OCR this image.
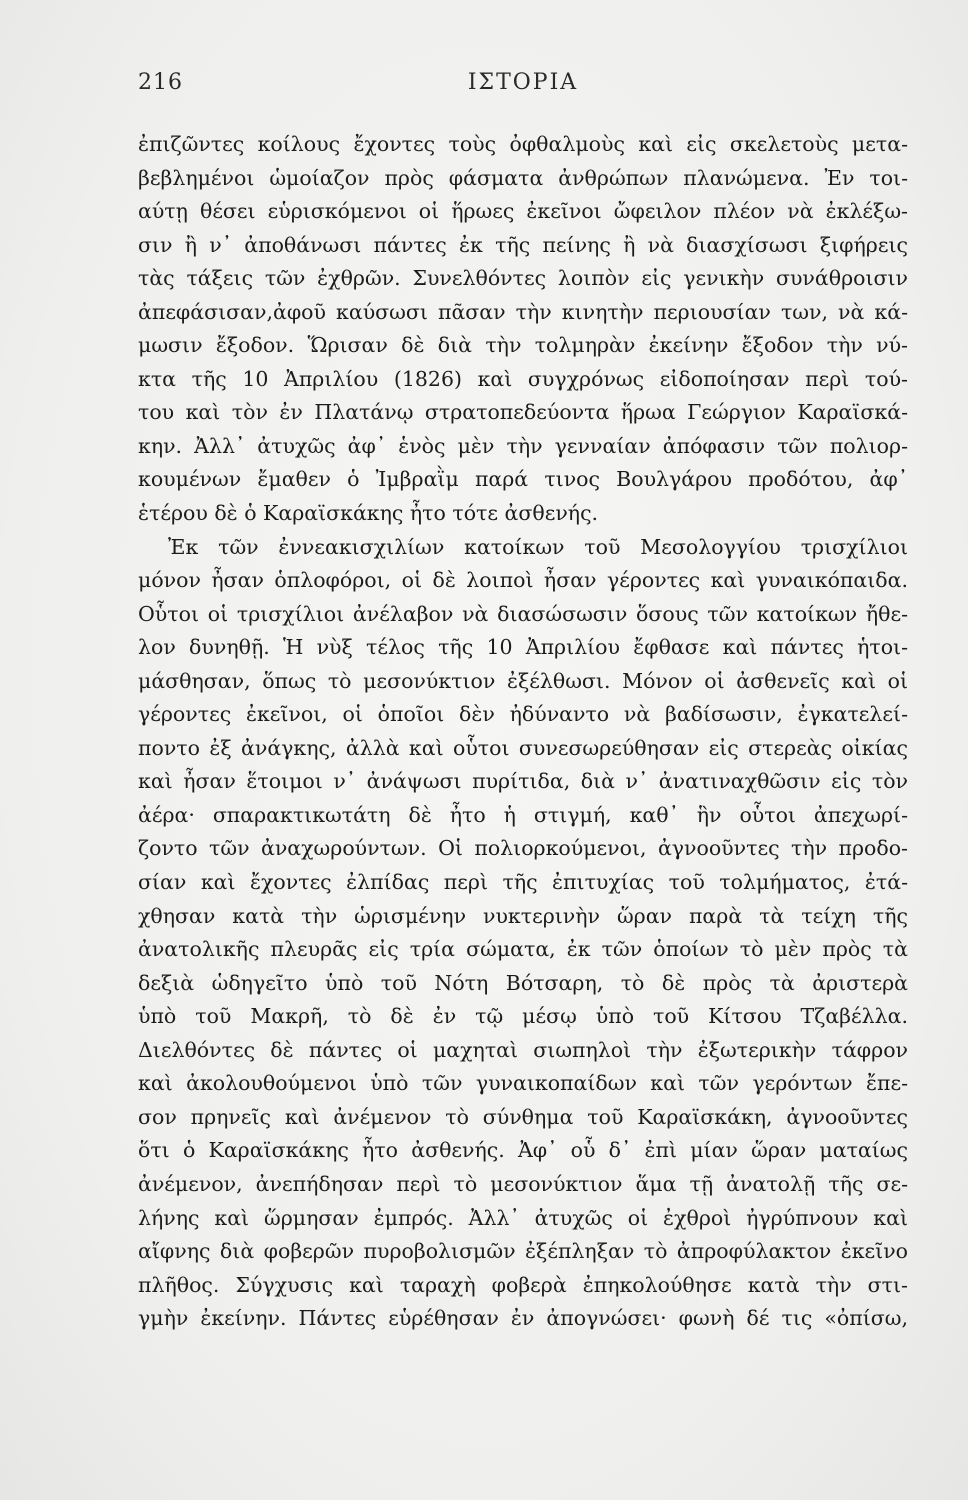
216	ΙΣΤΟΡΙΑ
ἐπιζῶντες κοίλους ἔχοντες τοὺς ὀφθαλμοὺς καὶ εἰς σκελετοὺς μετα-
βεβλημένοι ὡμοίαζον πρὸς φάσματα ἀνθρώπων πλανώμενα. Ἐν τοι-
αύτῃ θέσει εὑρισκόμενοι οἱ ἥρωες ἐκεῖνοι ὤφειλον πλέον νὰ ἐκλέξω-
σιν ἢ ν᾽ ἀποθάνωσι πάντες ἐκ τῆς πείνης ἢ νὰ διασχίσωσι ξιφήρεις
τὰς τάξεις τῶν ἐχθρῶν. Συνελθόντες λοιπὸν εἰς γενικὴν συνάθροισιν
ἀπεφάσισαν,ἀφοῦ καύσωσι πᾶσαν τὴν κινητὴν περιουσίαν των, νὰ κά-
μωσιν ἔξοδον. Ὥρισαν δὲ διὰ τὴν τολμηρὰν ἐκείνην ἔξοδον τὴν νύ-
κτα τῆς 10 Ἀπριλίου (1826) καὶ συγχρόνως εἰδοποίησαν περὶ τού-
του καὶ τὸν ἐν Πλατάνῳ στρατοπεδεύοντα ἥρωα Γεώργιον Καραϊσκά-
κην. Ἀλλ᾽ ἀτυχῶς ἀφ᾽ ἑνὸς μὲν τὴν γενναίαν ἀπόφασιν τῶν πολιορ-
κουμένων ἔμαθεν ὁ Ἰμβραῒμ παρά τινος Βουλγάρου προδότου, ἀφ᾽
ἑτέρου δὲ ὁ Καραϊσκάκης ἦτο τότε ἀσθενής.
Ἐκ τῶν ἐννεακισχιλίων κατοίκων τοῦ Μεσολογγίου τρισχίλιοι
μόνον ἦσαν ὁπλοφόροι, οἱ δὲ λοιποὶ ἦσαν γέροντες καὶ γυναικόπαιδα.
Οὗτοι οἱ τρισχίλιοι ἀνέλαβον νὰ διασώσωσιν ὅσους τῶν κατοίκων ἤθε-
λον δυνηθῇ. Ἡ νὺξ τέλος τῆς 10 Ἀπριλίου ἔφθασε καὶ πάντες ἡτοι-
μάσθησαν, ὅπως τὸ μεσονύκτιον ἐξέλθωσι. Μόνον οἱ ἀσθενεῖς καὶ οἱ
γέροντες ἐκεῖνοι, οἱ ὁποῖοι δὲν ἠδύναντο νὰ βαδίσωσιν, ἐγκατελεί-
ποντο ἐξ ἀνάγκης, ἀλλὰ καὶ οὗτοι συνεσωρεύθησαν εἰς στερεὰς οἰκίας
καὶ ἦσαν ἕτοιμοι ν᾽ ἀνάψωσι πυρίτιδα, διὰ ν᾽ ἀνατιναχθῶσιν εἰς τὸν
ἀέρα· σπαρακτικωτάτη δὲ ἦτο ἡ στιγμή, καθ᾽ ἣν οὗτοι ἀπεχωρί-
ζοντο τῶν ἀναχωρούντων. Οἱ πολιορκούμενοι, ἀγνοοῦντες τὴν προδο-
σίαν καὶ ἔχοντες ἐλπίδας περὶ τῆς ἐπιτυχίας τοῦ τολμήματος, ἐτά-
χθησαν κατὰ τὴν ὡρισμένην νυκτερινὴν ὥραν παρὰ τὰ τείχη τῆς
ἀνατολικῆς πλευρᾶς εἰς τρία σώματα, ἐκ τῶν ὁποίων τὸ μὲν πρὸς τὰ
δεξιὰ ὡδηγεῖτο ὑπὸ τοῦ Νότη Βότσαρη, τὸ δὲ πρὸς τὰ ἀριστερὰ
ὑπὸ τοῦ Μακρῆ, τὸ δὲ ἐν τῷ μέσῳ ὑπὸ τοῦ Κίτσου Τζαβέλλα.
Διελθόντες δὲ πάντες οἱ μαχηταὶ σιωπηλοὶ τὴν ἐξωτερικὴν τάφρον
καὶ ἀκολουθούμενοι ὑπὸ τῶν γυναικοπαίδων καὶ τῶν γερόντων ἔπε-
σον πρηνεῖς καὶ ἀνέμενον τὸ σύνθημα τοῦ Καραϊσκάκη, ἀγνοοῦντες
ὅτι ὁ Καραϊσκάκης ἦτο ἀσθενής. Ἀφ᾽ οὗ δ᾽ ἐπὶ μίαν ὥραν ματαίως
ἀνέμενον, ἀνεπήδησαν περὶ τὸ μεσονύκτιον ἅμα τῇ ἀνατολῇ τῆς σε-
λήνης καὶ ὥρμησαν ἐμπρός. Ἀλλ᾽ ἀτυχῶς οἱ ἐχθροὶ ἠγρύπνουν καὶ
αἴφνης διὰ φοβερῶν πυροβολισμῶν ἐξέπληξαν τὸ ἀπροφύλακτον ἐκεῖνο
πλῆθος. Σύγχυσις καὶ ταραχὴ φοβερὰ ἐπηκολούθησε κατὰ τὴν στι-
γμὴν ἐκείνην. Πάντες εὑρέθησαν ἐν ἀπογνώσει· φωνὴ δέ τις «ὀπίσω,
